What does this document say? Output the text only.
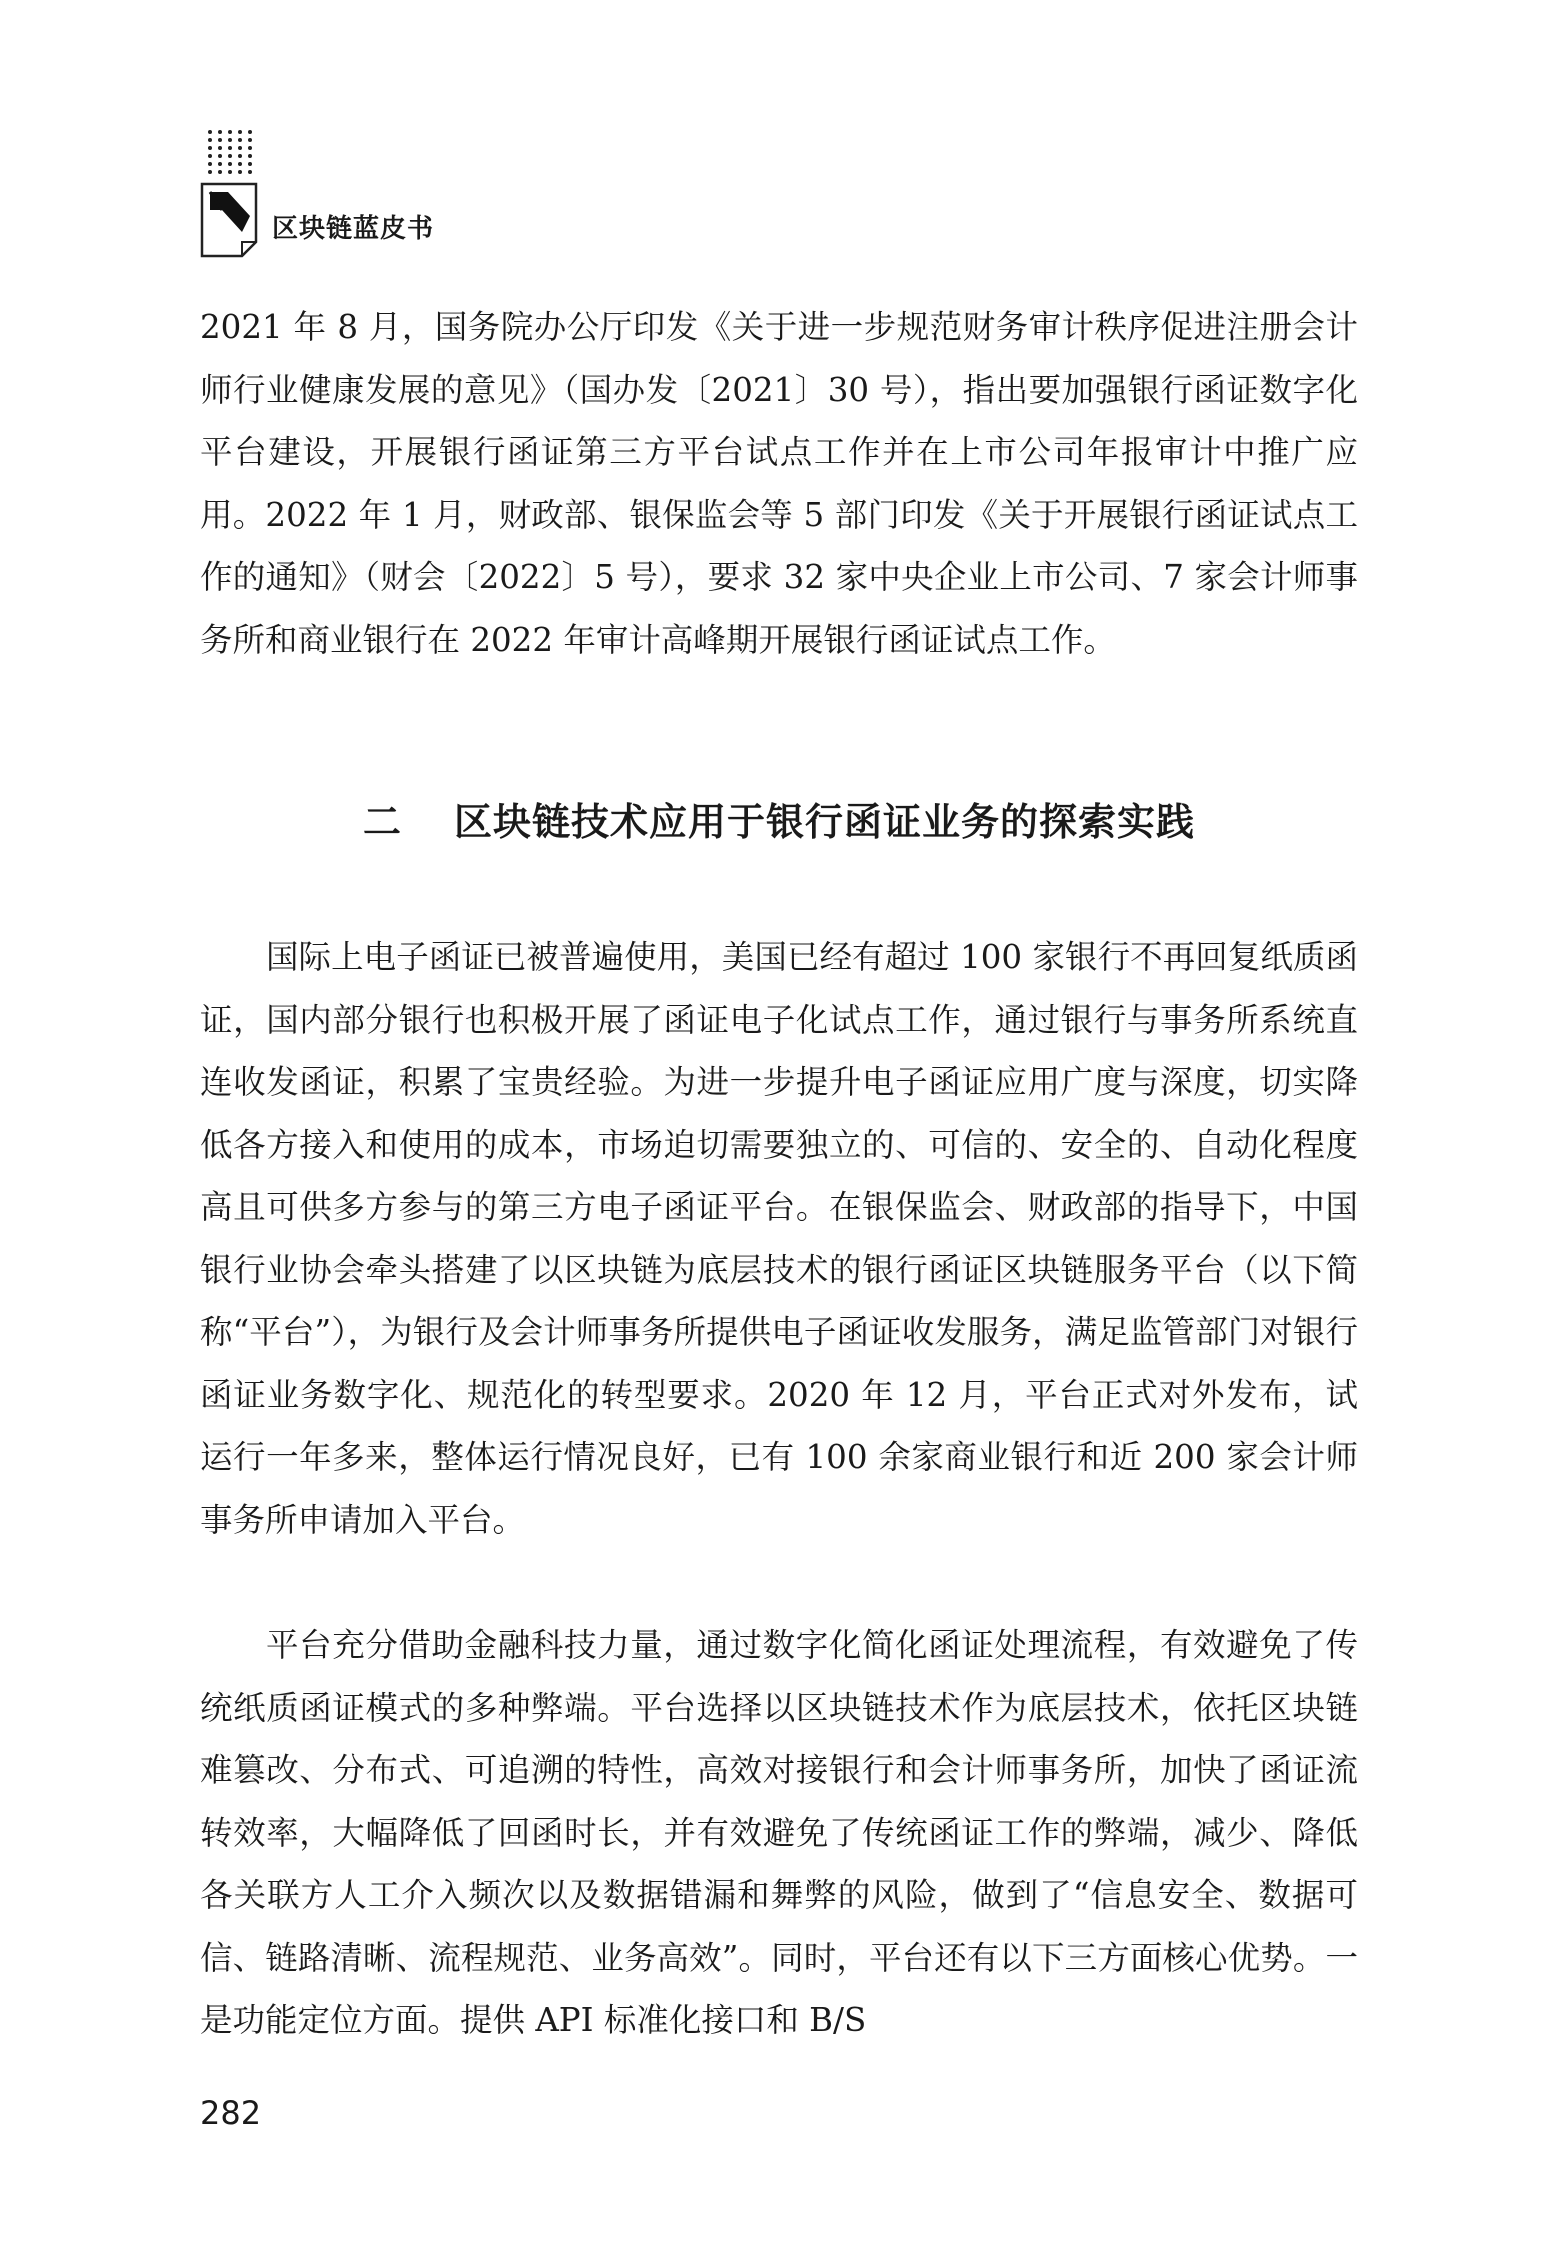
区块链蓝皮书

2021 年 8 月，国务院办公厅印发《关于进一步规范财务审计秩序促进注册会计师行业健康发展的意见》（国办发〔2021〕30 号），指出要加强银行函证数字化平台建设，开展银行函证第三方平台试点工作并在上市公司年报审计中推广应用。2022 年 1 月，财政部、银保监会等 5 部门印发《关于开展银行函证试点工作的通知》（财会〔2022〕5 号），要求 32 家中央企业上市公司、7 家会计师事务所和商业银行在 2022 年审计高峰期开展银行函证试点工作。

二 区块链技术应用于银行函证业务的探索实践

国际上电子函证已被普遍使用，美国已经有超过 100 家银行不再回复纸质函证，国内部分银行也积极开展了函证电子化试点工作，通过银行与事务所系统直连收发函证，积累了宝贵经验。为进一步提升电子函证应用广度与深度，切实降低各方接入和使用的成本，市场迫切需要独立的、可信的、安全的、自动化程度高且可供多方参与的第三方电子函证平台。在银保监会、财政部的指导下，中国银行业协会牵头搭建了以区块链为底层技术的银行函证区块链服务平台（以下简称“平台”），为银行及会计师事务所提供电子函证收发服务，满足监管部门对银行函证业务数字化、规范化的转型要求。2020 年 12 月，平台正式对外发布，试运行一年多来，整体运行情况良好，已有 100 余家商业银行和近 200 家会计师事务所申请加入平台。

平台充分借助金融科技力量，通过数字化简化函证处理流程，有效避免了传统纸质函证模式的多种弊端。平台选择以区块链技术作为底层技术，依托区块链难篡改、分布式、可追溯的特性，高效对接银行和会计师事务所，加快了函证流转效率，大幅降低了回函时长，并有效避免了传统函证工作的弊端，减少、降低各关联方人工介入频次以及数据错漏和舞弊的风险，做到了“信息安全、数据可信、链路清晰、流程规范、业务高效”。同时，平台还有以下三方面核心优势。一是功能定位方面。提供 API 标准化接口和 B/S

282
